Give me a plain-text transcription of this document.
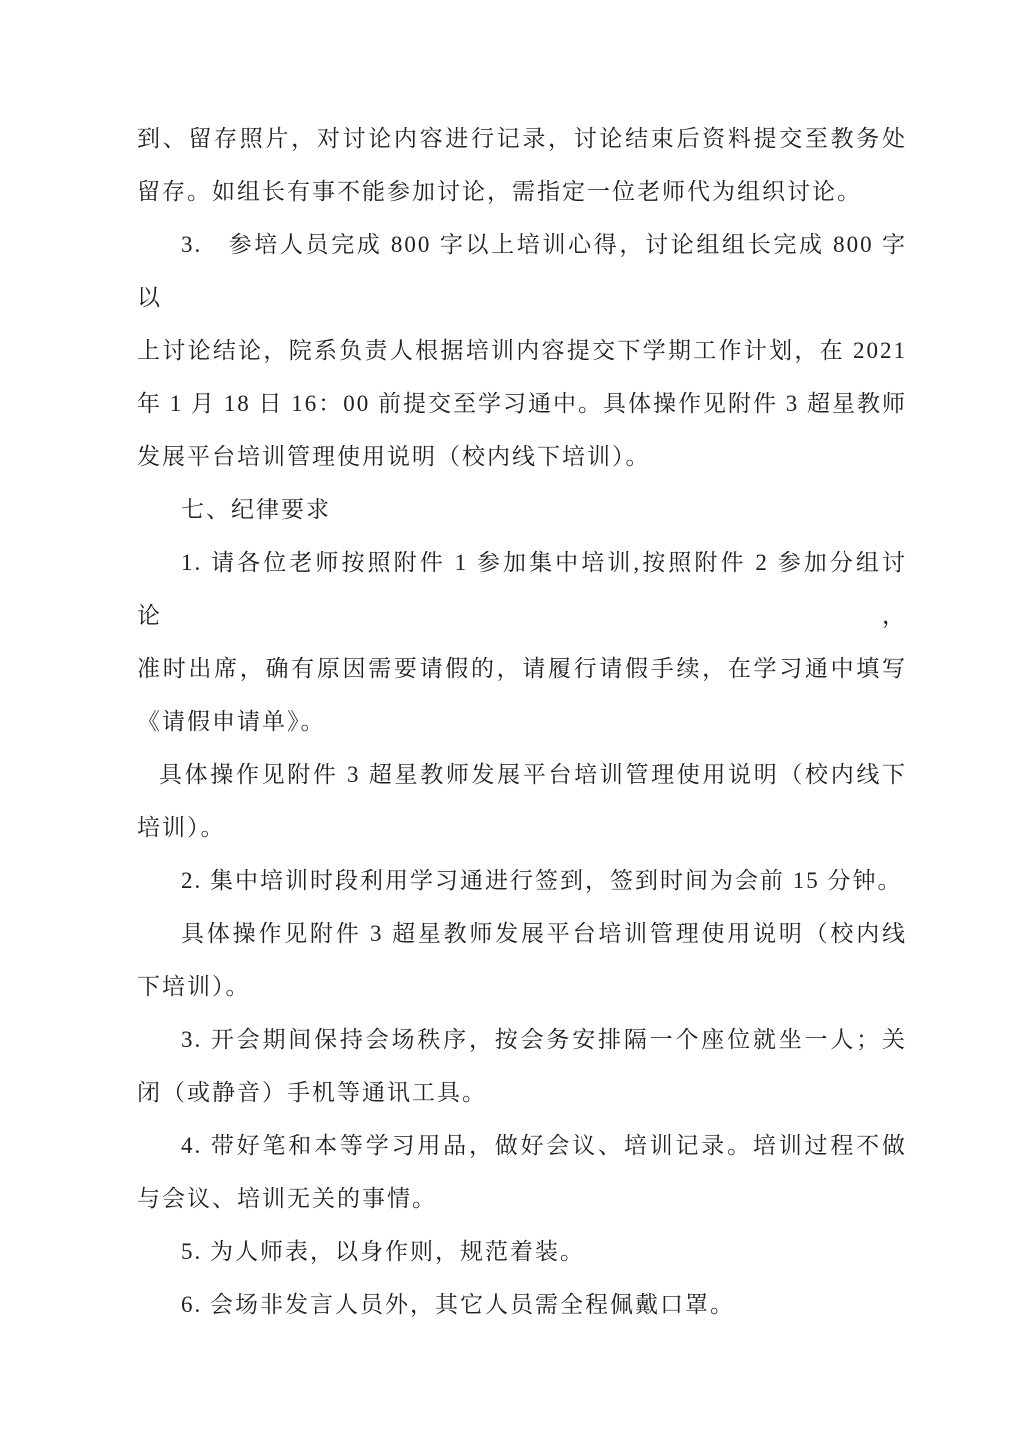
到、留存照片，对讨论内容进行记录，讨论结束后资料提交至教务处
留存。如组长有事不能参加讨论，需指定一位老师代为组织讨论。
3.　参培人员完成 800 字以上培训心得，讨论组组长完成 800 字以
上讨论结论，院系负责人根据培训内容提交下学期工作计划，在 2021
年 1 月 18 日 16：00 前提交至学习通中。具体操作见附件 3 超星教师
发展平台培训管理使用说明（校内线下培训）。
七、纪律要求
1. 请各位老师按照附件 1 参加集中培训,按照附件 2 参加分组讨论，
准时出席，确有原因需要请假的，请履行请假手续，在学习通中填写
《请假申请单》。
具体操作见附件 3 超星教师发展平台培训管理使用说明（校内线下
培训）。
2. 集中培训时段利用学习通进行签到，签到时间为会前 15 分钟。
具体操作见附件 3 超星教师发展平台培训管理使用说明（校内线
下培训）。
3. 开会期间保持会场秩序，按会务安排隔一个座位就坐一人；关
闭（或静音）手机等通讯工具。
4. 带好笔和本等学习用品，做好会议、培训记录。培训过程不做
与会议、培训无关的事情。
5. 为人师表，以身作则，规范着装。
6. 会场非发言人员外，其它人员需全程佩戴口罩。
